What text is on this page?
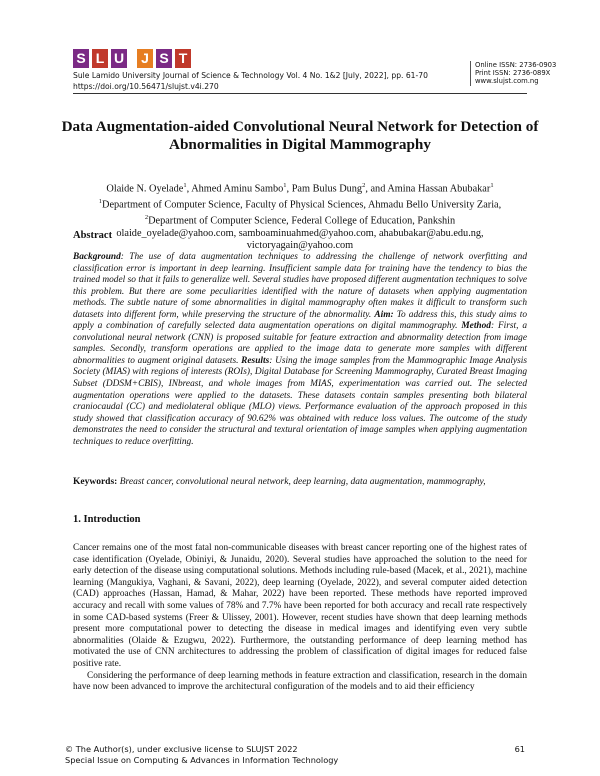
S L U J S T
Sule Lamido University Journal of Science & Technology Vol. 4 No. 1&2 [July, 2022], pp. 61-70
https://doi.org/10.56471/slujst.v4i.270
Online ISSN: 2736-0903
Print ISSN: 2736-089X
www.slujst.com.ng
Data Augmentation-aided Convolutional Neural Network for Detection of Abnormalities in Digital Mammography
Olaide N. Oyelade$^1$, Ahmed Aminu Sambo$^1$, Pam Bulus Dung$^2$, and Amina Hassan Abubakar$^1$
$^1$Department of Computer Science, Faculty of Physical Sciences, Ahmadu Bello University Zaria,
$^2$Department of Computer Science, Federal College of Education, Pankshin
olaide_oyelade@yahoo.com, samboaminuahmed@yahoo.com, ahabubakar@abu.edu.ng,
victoryagain@yahoo.com
Abstract

Background: The use of data augmentation techniques to addressing the challenge of network overfitting and classification error is important in deep learning. Insufficient sample data for training have the tendency to bias the trained model so that it fails to generalize well. Several studies have proposed different augmentation techniques to solve this problem. But there are some peculiarities identified with the nature of datasets when applying augmentation methods. The subtle nature of some abnormalities in digital mammography often makes it difficult to transform such datasets into different form, while preserving the structure of the abnormality. Aim: To address this, this study aims to apply a combination of carefully selected data augmentation operations on digital mammography. Method: First, a convolutional neural network (CNN) is proposed suitable for feature extraction and abnormality detection from image samples. Secondly, transform operations are applied to the image data to generate more samples with different abnormalities to augment original datasets. Results: Using the image samples from the Mammographic Image Analysis Society (MIAS) with regions of interests (ROIs), Digital Database for Screening Mammography, Curated Breast Imaging Subset (DDSM+CBIS), INbreast, and whole images from MIAS, experimentation was carried out. The selected augmentation operations were applied to the datasets. These datasets contain samples presenting both bilateral craniocaudal (CC) and mediolateral oblique (MLO) views. Performance evaluation of the approach proposed in this study showed that classification accuracy of 90.62% was obtained with reduce loss values. The outcome of the study demonstrates the need to consider the structural and textural orientation of image samples when applying augmentation techniques to reduce overfitting.

Keywords: Breast cancer, convolutional neural network, deep learning, data augmentation, mammography,

1. Introduction

Cancer remains one of the most fatal non-communicable diseases with breast cancer reporting one of the highest rates of case identification (Oyelade, Obiniyi, & Junaidu, 2020). Several studies have approached the solution to the need for early detection of the disease using computational solutions. Methods including rule-based (Macek, et al., 2021), machine learning (Mangukiya, Vaghani, & Savani, 2022), deep learning (Oyelade, 2022), and several computer aided detection (CAD) approaches (Hassan, Hamad, & Mahar, 2022) have been reported. These methods have reported improved accuracy and recall with some values of 78% and 7.7% have been reported for both accuracy and recall rate respectively in some CAD-based systems (Freer & Ulissey, 2001). However, recent studies have shown that deep learning methods present more computational power to detecting the disease in medical images and identifying even very subtle abnormalities (Olaide & Ezugwu, 2022). Furthermore, the outstanding performance of deep learning method has motivated the use of CNN architectures to addressing the problem of classification of digital images for reduced false positive rate.

Considering the performance of deep learning methods in feature extraction and classification, research in the domain have now been advanced to improve the architectural configuration of the models and to aid their efficiency

© The Author(s), under exclusive license to SLUJST 2022
Special Issue on Computing & Advances in Information Technology
61
